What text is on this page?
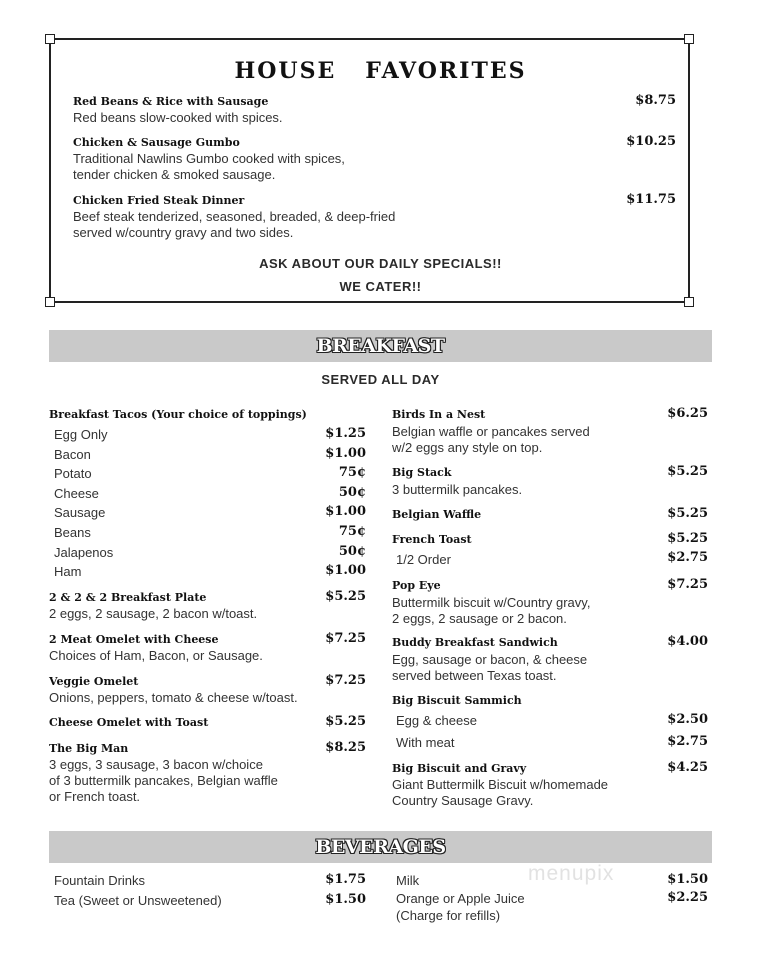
HOUSE   FAVORITES
Red Beans & Rice with Sausage	$8.75
Red beans slow-cooked with spices.
Chicken & Sausage Gumbo	$10.25
Traditional Nawlins Gumbo cooked with spices,
tender chicken & smoked sausage.
Chicken Fried Steak Dinner	$11.75
Beef steak tenderized, seasoned, breaded, & deep-fried
served w/country gravy and two sides.
ASK ABOUT OUR DAILY SPECIALS!!
WE CATER!!
BREAKFAST
SERVED ALL DAY
Breakfast Tacos (Your choice of toppings)
Egg Only	$1.25
Bacon	$1.00
Potato	75¢
Cheese	50¢
Sausage	$1.00
Beans	75¢
Jalapenos	50¢
Ham	$1.00
2 & 2 & 2 Breakfast Plate	$5.25
2 eggs, 2 sausage, 2 bacon w/toast.
2 Meat Omelet with Cheese	$7.25
Choices of Ham, Bacon, or Sausage.
Veggie Omelet	$7.25
Onions, peppers, tomato & cheese w/toast.
Cheese Omelet with Toast	$5.25
The Big Man	$8.25
3 eggs, 3 sausage, 3 bacon w/choice
of 3 buttermilk pancakes, Belgian waffle
or French toast.
Birds In a Nest	$6.25
Belgian waffle or pancakes served
w/2 eggs any style on top.
Big Stack	$5.25
3 buttermilk pancakes.
Belgian Waffle	$5.25
French Toast	$5.25
1/2 Order	$2.75
Pop Eye	$7.25
Buttermilk biscuit w/Country gravy,
2 eggs, 2 sausage or 2 bacon.
Buddy Breakfast Sandwich	$4.00
Egg, sausage or bacon, & cheese
served between Texas toast.
Big Biscuit Sammich
Egg & cheese	$2.50
With meat	$2.75
Big Biscuit and Gravy	$4.25
Giant Buttermilk Biscuit w/homemade
Country Sausage Gravy.
BEVERAGES
Fountain Drinks	$1.75
Tea (Sweet or Unsweetened)	$1.50
Milk	$1.50
Orange or Apple Juice	$2.25
(Charge for refills)
menupix
